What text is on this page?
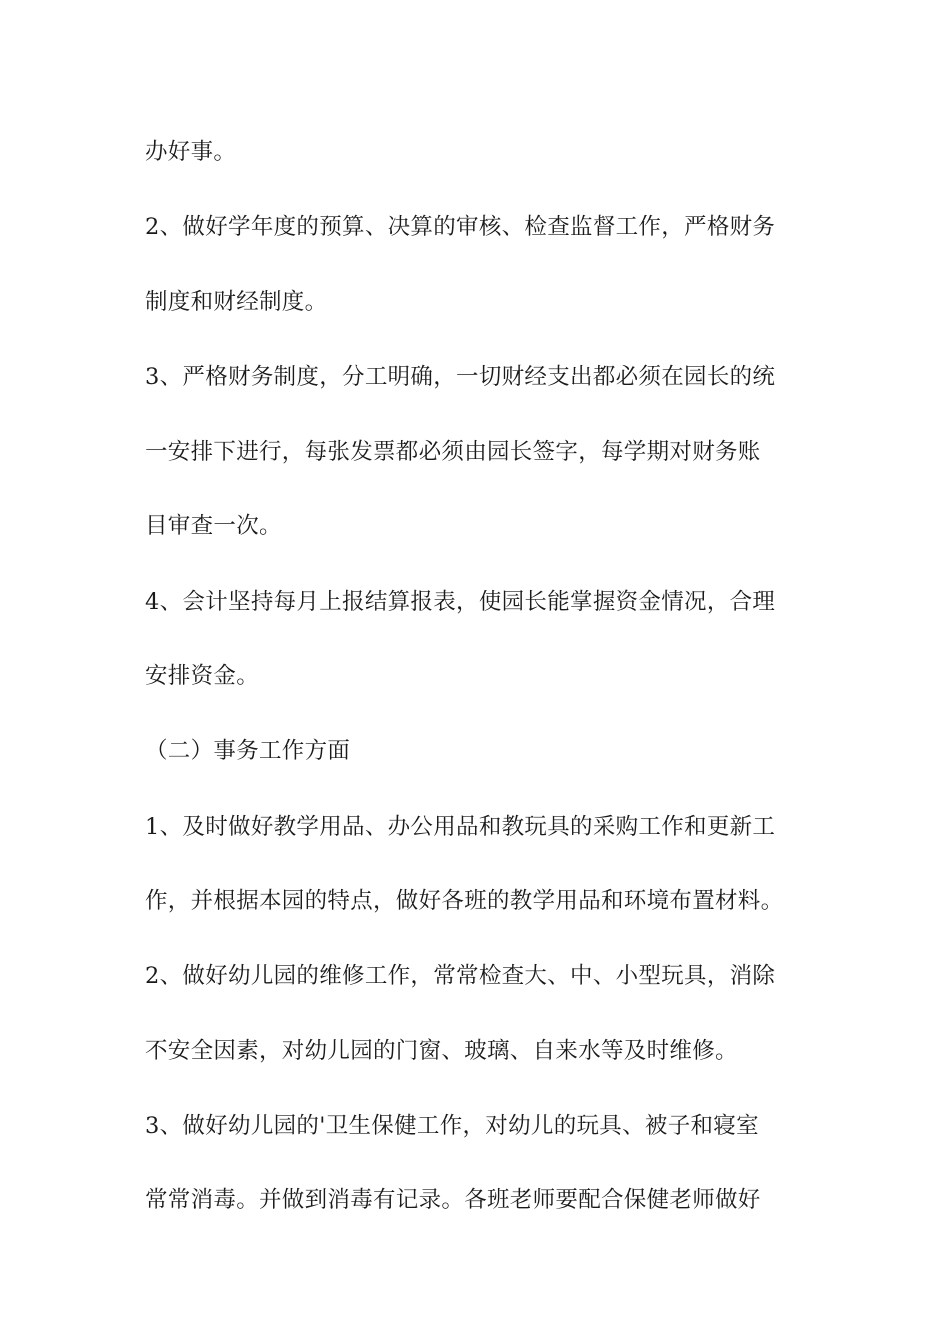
办好事。
2、做好学年度的预算、决算的审核、检查监督工作，严格财务
制度和财经制度。
3、严格财务制度，分工明确，一切财经支出都必须在园长的统
一安排下进行，每张发票都必须由园长签字，每学期对财务账
目审查一次。
4、会计坚持每月上报结算报表，使园长能掌握资金情况，合理
安排资金。
（二）事务工作方面
1、及时做好教学用品、办公用品和教玩具的采购工作和更新工
作，并根据本园的特点，做好各班的教学用品和环境布置材料。
2、做好幼儿园的维修工作，常常检查大、中、小型玩具，消除
不安全因素，对幼儿园的门窗、玻璃、自来水等及时维修。
3、做好幼儿园的'卫生保健工作，对幼儿的玩具、被子和寝室
常常消毒。并做到消毒有记录。各班老师要配合保健老师做好
